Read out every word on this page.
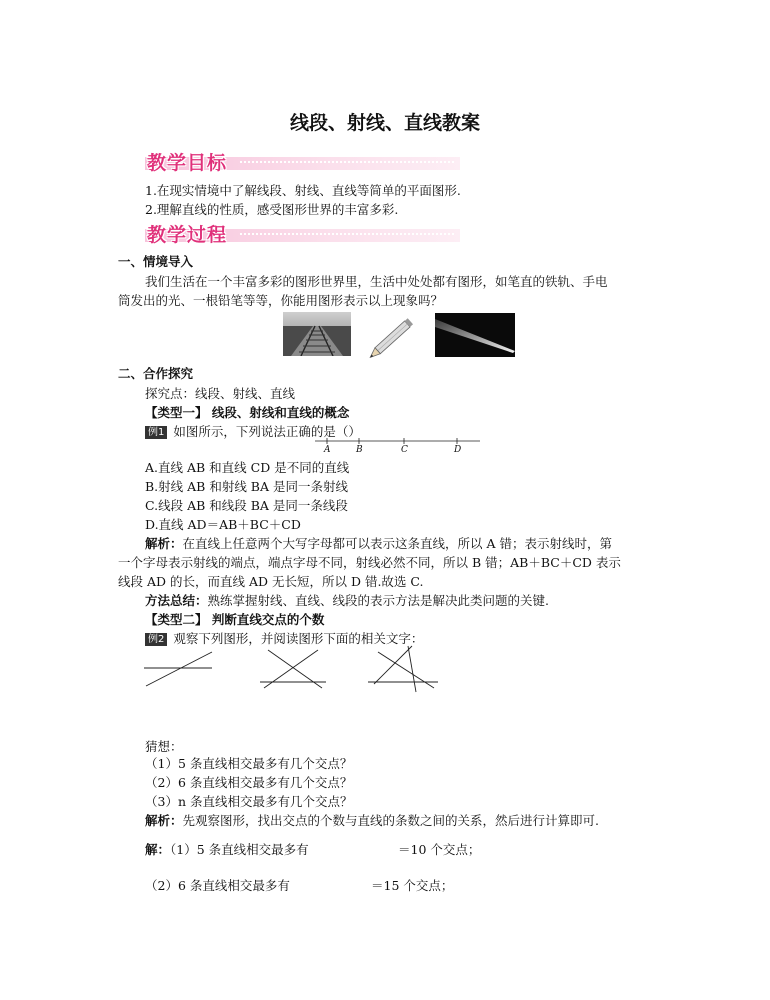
线段、射线、直线教案
教学目标
1.在现实情境中了解线段、射线、直线等简单的平面图形.
2.理解直线的性质，感受图形世界的丰富多彩.
教学过程
一、情境导入
我们生活在一个丰富多彩的图形世界里，生活中处处都有图形，如笔直的铁轨、手电
筒发出的光、一根铅笔等等，你能用图形表示以上现象吗？
二、合作探究
探究点：线段、射线、直线
【类型一】 线段、射线和直线的概念
例1 如图所示，下列说法正确的是（）
A	B	C	D
A.直线 AB 和直线 CD 是不同的直线
B.射线 AB 和射线 BA 是同一条射线
C.线段 AB 和线段 BA 是同一条线段
D.直线 AD＝AB＋BC＋CD
解析：在直线上任意两个大写字母都可以表示这条直线，所以 A 错；表示射线时，第
一个字母表示射线的端点，端点字母不同，射线必然不同，所以 B 错；AB＋BC＋CD 表示
线段 AD 的长，而直线 AD 无长短，所以 D 错.故选 C.
方法总结：熟练掌握射线、直线、线段的表示方法是解决此类问题的关键.
【类型二】 判断直线交点的个数
例2 观察下列图形，并阅读图形下面的相关文字：
猜想：
（1）5 条直线相交最多有几个交点？
（2）6 条直线相交最多有几个交点？
（3）n 条直线相交最多有几个交点？
解析：先观察图形，找出交点的个数与直线的条数之间的关系，然后进行计算即可.
解：（1）5 条直线相交最多有	＝10 个交点；
（2）6 条直线相交最多有	＝15 个交点；
